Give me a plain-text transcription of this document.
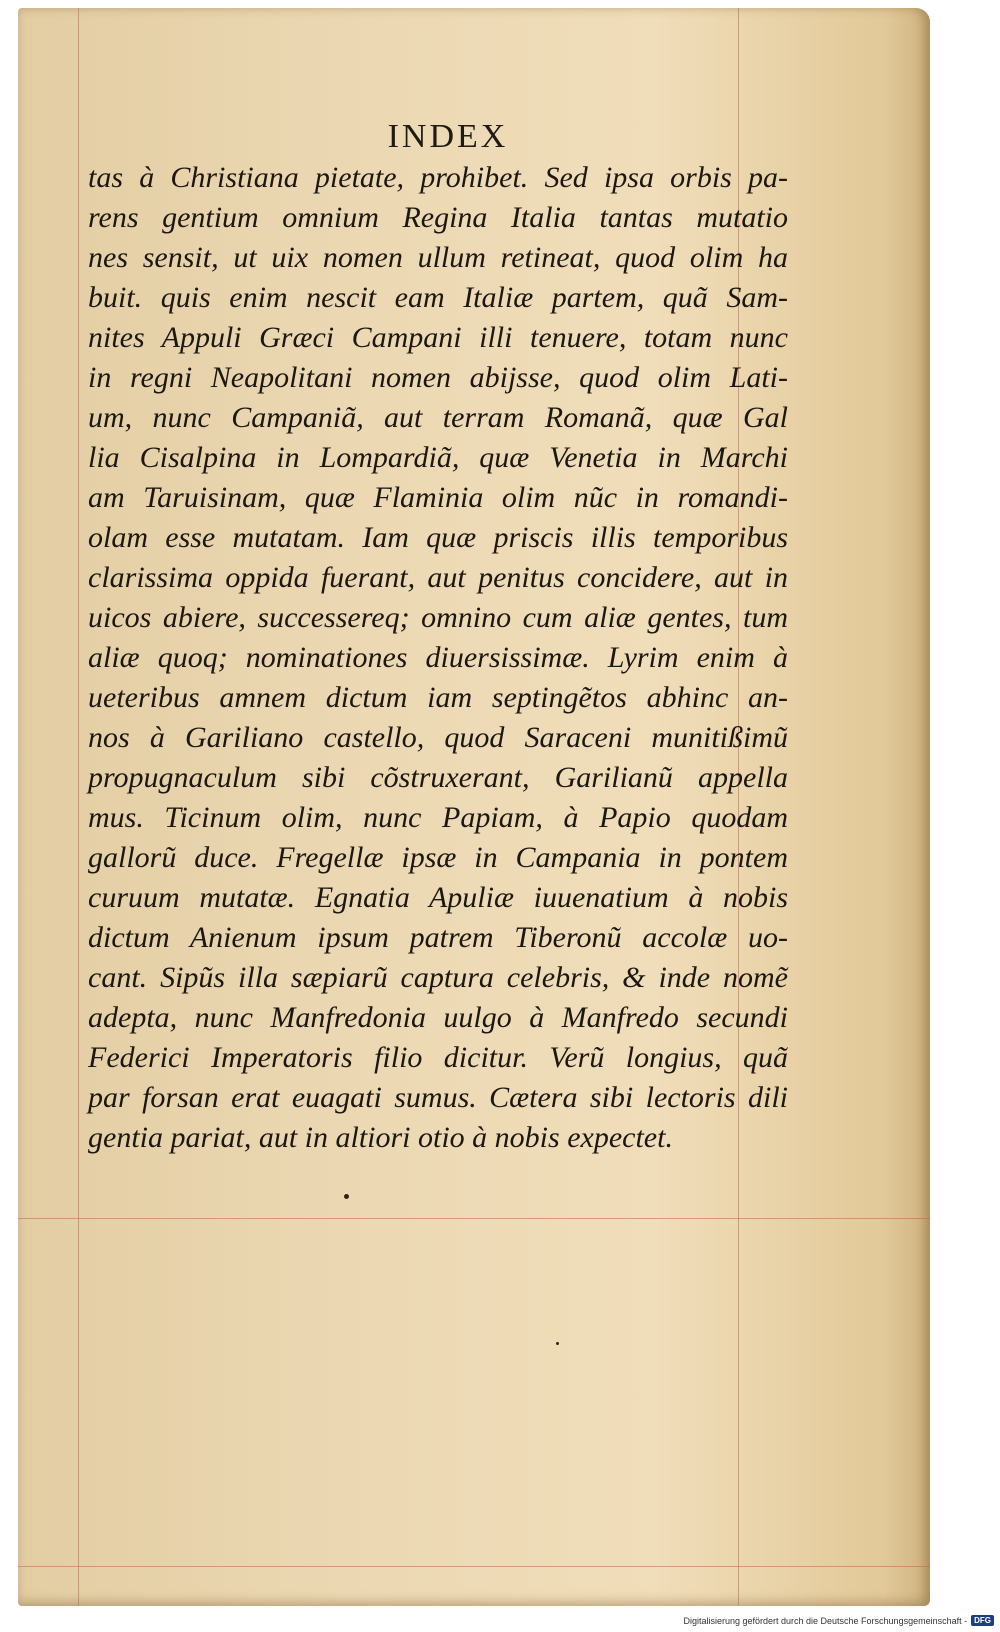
INDEX
tas à Christiana pietate, prohibet. Sed ipsa orbis pa-
rens gentium omnium Regina Italia tantas mutatio
nes sensit, ut uix nomen ullum retineat, quod olim ha
buit. quis enim nescit eam Italiæ partem, quã Sam-
nites Appuli Græci Campani illi tenuere, totam nunc
in regni Neapolitani nomen abijsse, quod olim Lati-
um, nunc Campaniã, aut terram Romanã, quæ Gal
lia Cisalpina in Lompardiã, quæ Venetia in Marchi
am Taruisinam, quæ Flaminia olim nũc in romandi-
olam esse mutatam. Iam quæ priscis illis temporibus
clarissima oppida fuerant, aut penitus concidere, aut in
uicos abiere, successereq; omnino cum aliæ gentes, tum
aliæ quoq; nominationes diuersissimæ. Lyrim enim à
ueteribus amnem dictum iam septingẽtos abhinc an-
nos à Gariliano castello, quod Saraceni munitißimũ
propugnaculum sibi cõstruxerant, Garilianũ appella
mus. Ticinum olim, nunc Papiam, à Papio quodam
gallorũ duce. Fregellæ ipsæ in Campania in pontem
curuum mutatæ. Egnatia Apuliæ iuuenatium à nobis
dictum Anienum ipsum patrem Tiberonũ accolæ uo-
cant. Sipũs illa sæpiarũ captura celebris, & inde nomẽ
adepta, nunc Manfredonia uulgo à Manfredo secundi
Federici Imperatoris filio dicitur. Verũ longius, quã
par forsan erat euagati sumus. Cætera sibi lectoris dili
gentia pariat, aut in altiori otio à nobis expectet.
Digitalisierung gefördert durch die Deutsche Forschungsgemeinschaft - DFG
